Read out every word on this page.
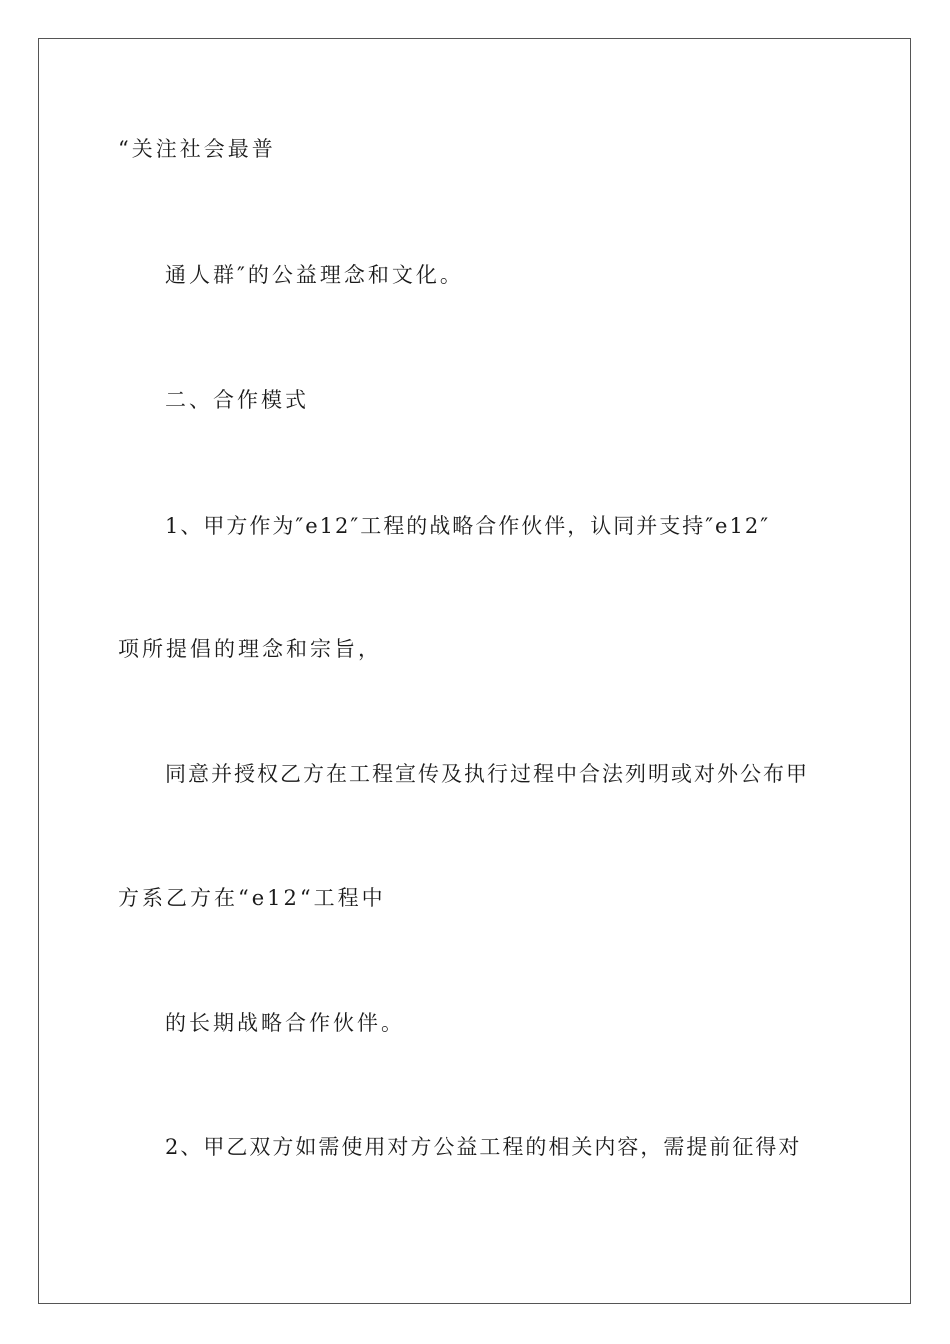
“关注社会最普

通人群″的公益理念和文化。

二、合作模式

1、甲方作为″e12″工程的战略合作伙伴，认同并支持″e12″

项所提倡的理念和宗旨，

同意并授权乙方在工程宣传及执行过程中合法列明或对外公布甲

方系乙方在“e12“工程中

的长期战略合作伙伴。

2、甲乙双方如需使用对方公益工程的相关内容，需提前征得对
